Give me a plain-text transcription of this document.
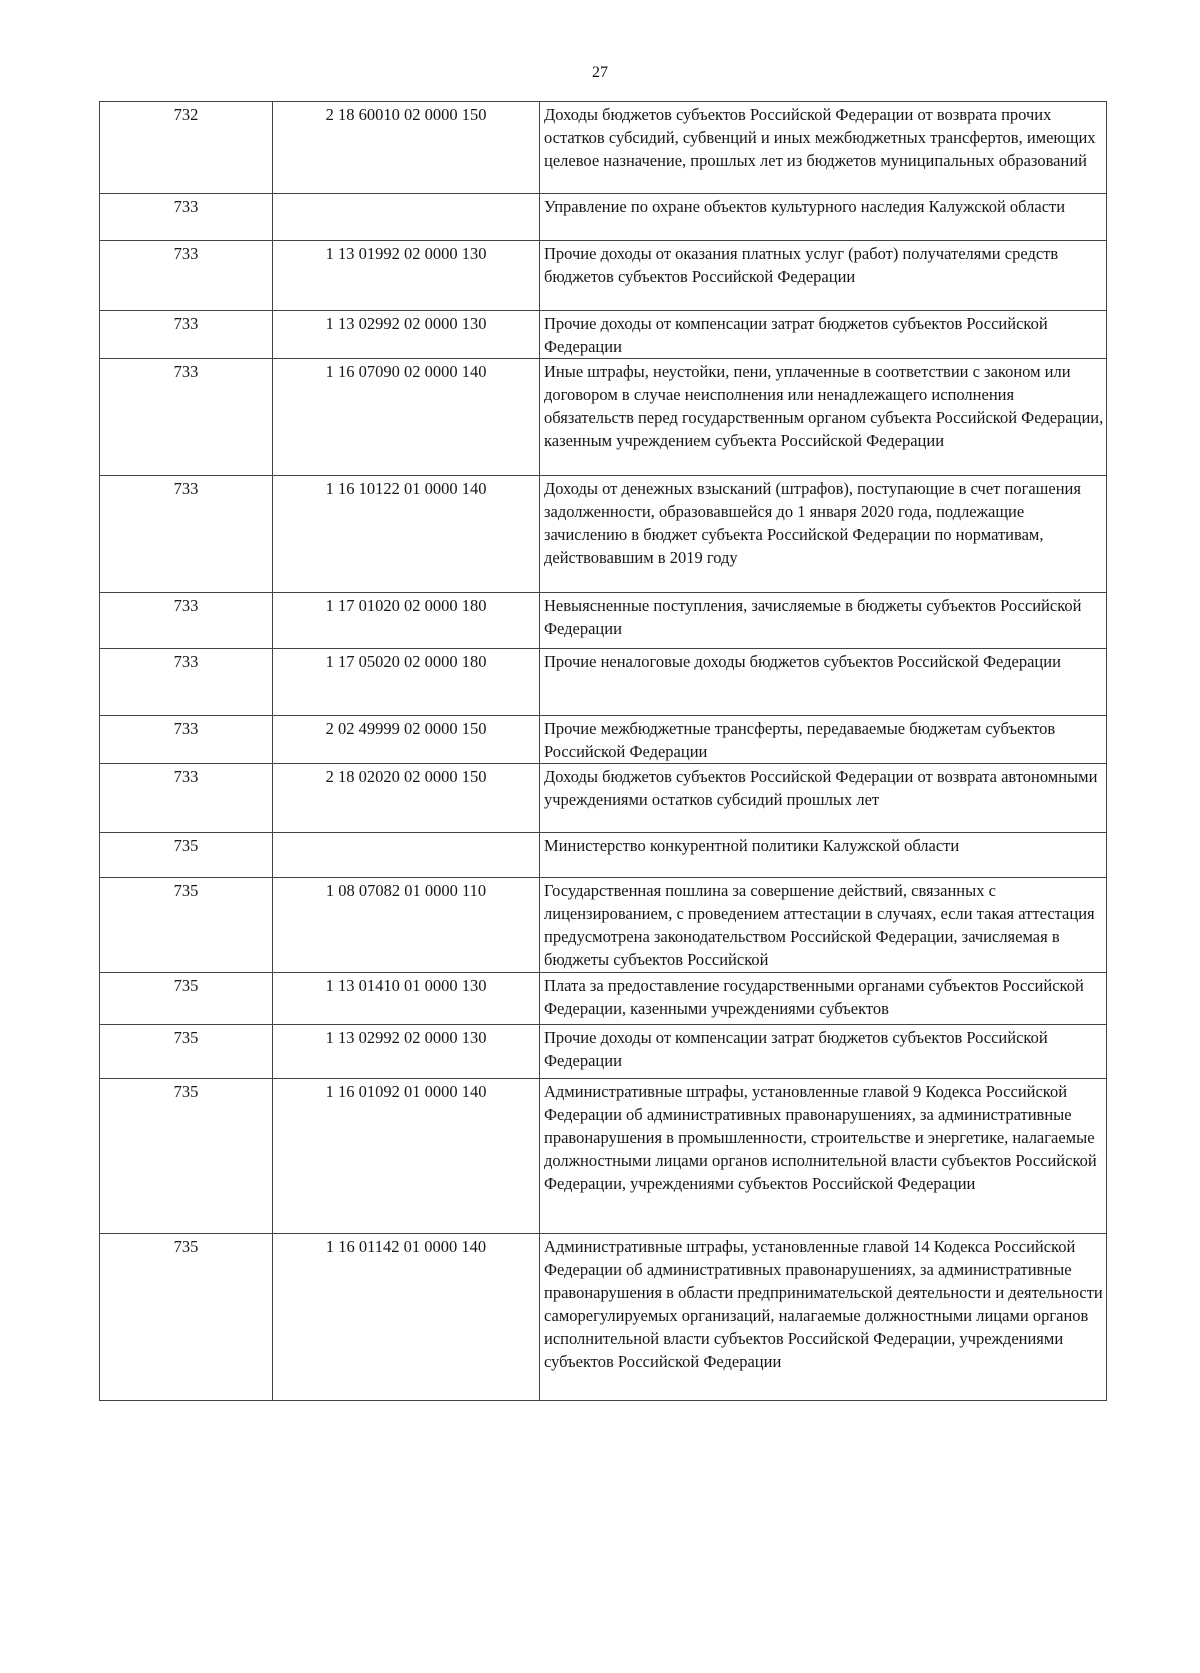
27
732	2 18 60010 02 0000 150	Доходы бюджетов субъектов Российской Федерации от возврата прочих остатков субсидий, субвенций и иных межбюджетных трансфертов, имеющих целевое назначение, прошлых лет из бюджетов муниципальных образований
733		Управление по охране объектов культурного наследия Калужской области
733	1 13 01992 02 0000 130	Прочие доходы от оказания платных услуг (работ) получателями средств бюджетов субъектов Российской Федерации
733	1 13 02992 02 0000 130	Прочие доходы от компенсации затрат бюджетов субъектов Российской Федерации
733	1 16 07090 02 0000 140	Иные штрафы, неустойки, пени, уплаченные в соответствии с законом или договором в случае неисполнения или ненадлежащего исполнения обязательств перед государственным органом субъекта Российской Федерации, казенным учреждением субъекта Российской Федерации
733	1 16 10122 01 0000 140	Доходы от денежных взысканий (штрафов), поступающие в счет погашения задолженности, образовавшейся до 1 января 2020 года, подлежащие зачислению в бюджет субъекта Российской Федерации по нормативам, действовавшим в 2019 году
733	1 17 01020 02 0000 180	Невыясненные поступления, зачисляемые в бюджеты субъектов Российской Федерации
733	1 17 05020 02 0000 180	Прочие неналоговые доходы бюджетов субъектов Российской Федерации
733	2 02 49999 02 0000 150	Прочие межбюджетные трансферты, передаваемые бюджетам субъектов Российской Федерации
733	2 18 02020 02 0000 150	Доходы бюджетов субъектов Российской Федерации от возврата автономными учреждениями остатков субсидий прошлых лет
735		Министерство конкурентной политики Калужской области
735	1 08 07082 01 0000 110	Государственная пошлина за совершение действий, связанных с лицензированием, с проведением аттестации в случаях, если такая аттестация предусмотрена законодательством Российской Федерации, зачисляемая в бюджеты субъектов Российской
735	1 13 01410 01 0000 130	Плата за предоставление государственными органами субъектов Российской Федерации, казенными учреждениями субъектов
735	1 13 02992 02 0000 130	Прочие доходы от компенсации затрат бюджетов субъектов Российской Федерации
735	1 16 01092 01 0000 140	Административные штрафы, установленные главой 9 Кодекса Российской Федерации об административных правонарушениях, за административные правонарушения в промышленности, строительстве и энергетике, налагаемые должностными лицами органов исполнительной власти субъектов Российской Федерации, учреждениями субъектов Российской Федерации
735	1 16 01142 01 0000 140	Административные штрафы, установленные главой 14 Кодекса Российской Федерации об административных правонарушениях, за административные правонарушения в области предпринимательской деятельности и деятельности саморегулируемых организаций, налагаемые должностными лицами органов исполнительной власти субъектов Российской Федерации, учреждениями субъектов Российской Федерации
